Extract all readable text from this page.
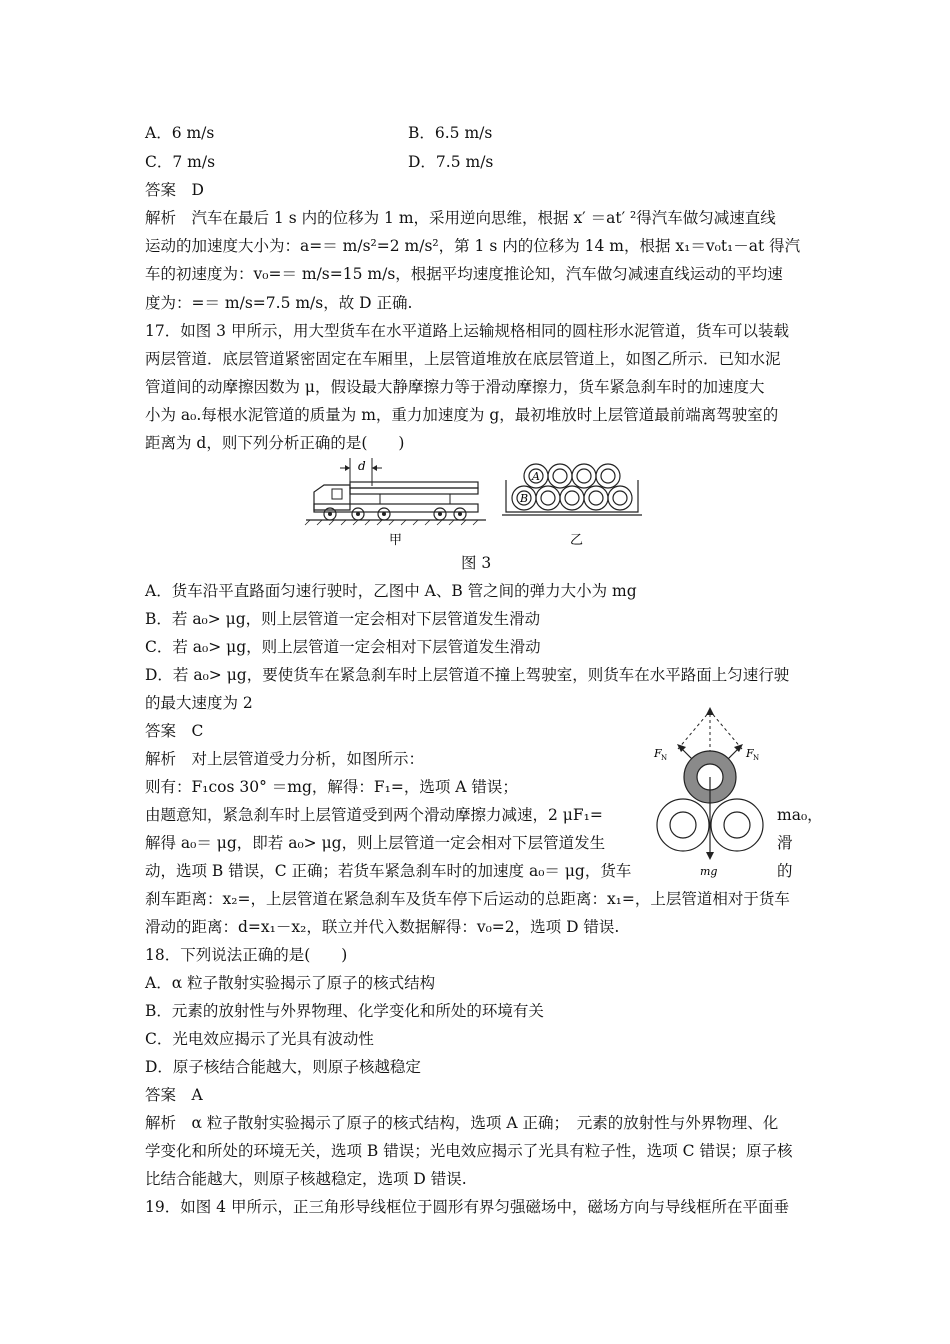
A．6 m/s	B．6.5 m/s
C．7 m/s	D．7.5 m/s
答案　D
解析　汽车在最后 1 s 内的位移为 1 m，采用逆向思维，根据 x′ ＝at′ ²得汽车做匀减速直线
运动的加速度大小为：a=＝ m/s²=2 m/s²，第 1 s 内的位移为 14 m，根据 x₁＝v₀t₁－at 得汽
车的初速度为：v₀=＝ m/s=15 m/s，根据平均速度推论知，汽车做匀减速直线运动的平均速
度为：=＝ m/s=7.5 m/s，故 D 正确.
17．如图 3 甲所示，用大型货车在水平道路上运输规格相同的圆柱形水泥管道，货车可以装载
两层管道．底层管道紧密固定在车厢里，上层管道堆放在底层管道上，如图乙所示．已知水泥
管道间的动摩擦因数为 μ，假设最大静摩擦力等于滑动摩擦力，货车紧急刹车时的加速度大
小为 a₀.每根水泥管道的质量为 m，重力加速度为 g，最初堆放时上层管道最前端离驾驶室的
距离为 d，则下列分析正确的是(　　)
d
A
B
甲	乙
图 3
A．货车沿平直路面匀速行驶时，乙图中 A、B 管之间的弹力大小为 mg
B．若 a₀> μg，则上层管道一定会相对下层管道发生滑动
C．若 a₀> μg，则上层管道一定会相对下层管道发生滑动
D．若 a₀> μg，要使货车在紧急刹车时上层管道不撞上驾驶室，则货车在水平路面上匀速行驶
的最大速度为 2
答案　C
解析　对上层管道受力分析，如图所示：
则有：F₁cos 30° ＝mg，解得：F₁=，选项 A 错误；
由题意知，紧急刹车时上层管道受到两个滑动摩擦力减速，2 μF₁=	ma₀，
解得 a₀＝ μg，即若 a₀> μg，则上层管道一定会相对下层管道发生	滑
动，选项 B 错误，C 正确；若货车紧急刹车时的加速度 a₀＝ μg，货车	的
刹车距离：x₂=，上层管道在紧急刹车及货车停下后运动的总距离：x₁=，上层管道相对于货车
滑动的距离：d=x₁－x₂，联立并代入数据解得：v₀=2，选项 D 错误.
F N	F N
mg
18．下列说法正确的是(　　)
A．α 粒子散射实验揭示了原子的核式结构
B．元素的放射性与外界物理、化学变化和所处的环境有关
C．光电效应揭示了光具有波动性
D．原子核结合能越大，则原子核越稳定
答案　A
解析　α 粒子散射实验揭示了原子的核式结构，选项 A 正确；　元素的放射性与外界物理、化
学变化和所处的环境无关，选项 B 错误；光电效应揭示了光具有粒子性，选项 C 错误；原子核
比结合能越大，则原子核越稳定，选项 D 错误.
19．如图 4 甲所示，正三角形导线框位于圆形有界匀强磁场中，磁场方向与导线框所在平面垂
